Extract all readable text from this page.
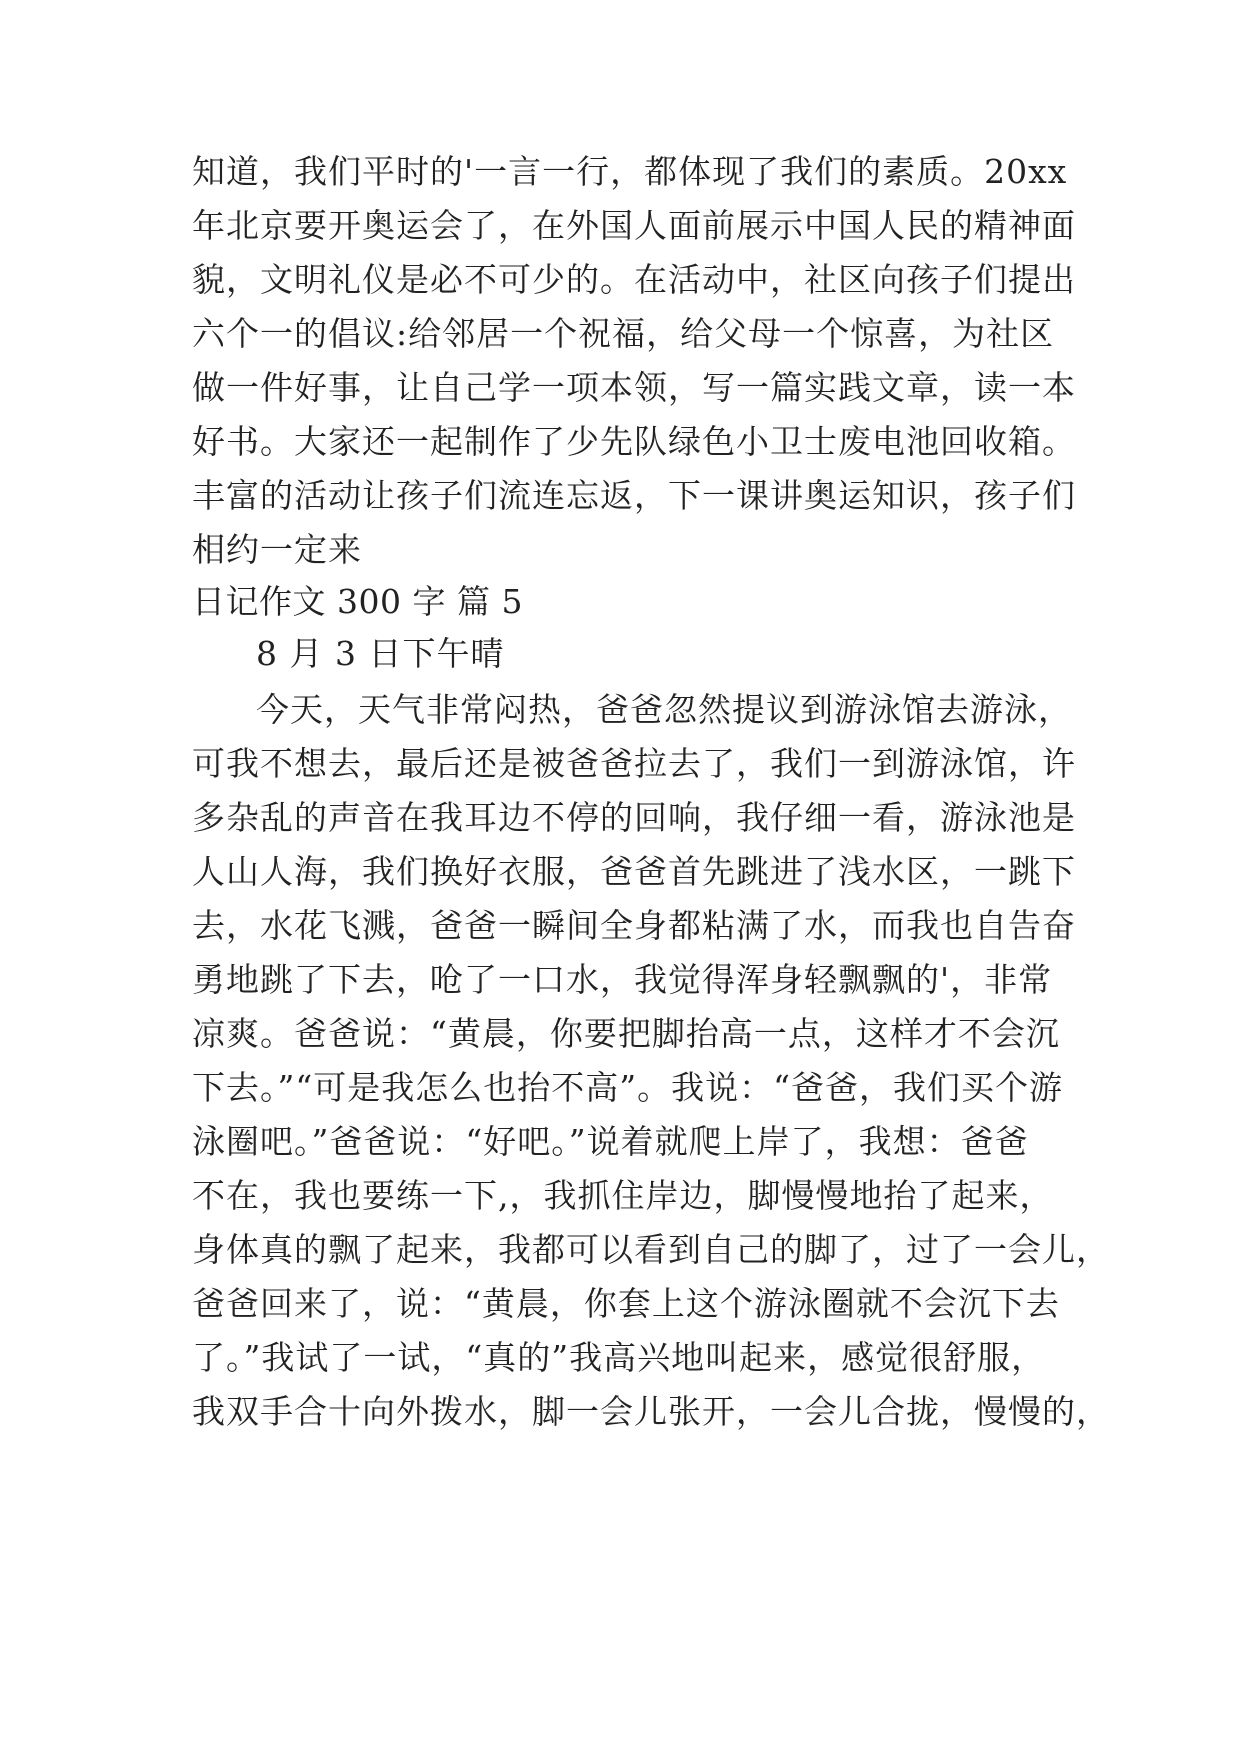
知道，我们平时的'一言一行，都体现了我们的素质。20xx
年北京要开奥运会了，在外国人面前展示中国人民的精神面
貌，文明礼仪是必不可少的。在活动中，社区向孩子们提出
六个一的倡议:给邻居一个祝福，给父母一个惊喜，为社区
做一件好事，让自己学一项本领，写一篇实践文章，读一本
好书。大家还一起制作了少先队绿色小卫士废电池回收箱。
丰富的活动让孩子们流连忘返，下一课讲奥运知识，孩子们
相约一定来
日记作文 300 字 篇 5
8 月 3 日下午晴
今天，天气非常闷热，爸爸忽然提议到游泳馆去游泳，
可我不想去，最后还是被爸爸拉去了，我们一到游泳馆，许
多杂乱的声音在我耳边不停的回响，我仔细一看，游泳池是
人山人海，我们换好衣服，爸爸首先跳进了浅水区，一跳下
去，水花飞溅，爸爸一瞬间全身都粘满了水，而我也自告奋
勇地跳了下去，呛了一口水，我觉得浑身轻飘飘的'，非常
凉爽。爸爸说：“黄晨，你要把脚抬高一点，这样才不会沉
下去。”“可是我怎么也抬不高”。我说：“爸爸，我们买个游
泳圈吧。”爸爸说：“好吧。”说着就爬上岸了，我想：爸爸
不在，我也要练一下,，我抓住岸边，脚慢慢地抬了起来，
身体真的飘了起来，我都可以看到自己的脚了，过了一会儿，
爸爸回来了，说：“黄晨，你套上这个游泳圈就不会沉下去
了。”我试了一试，“真的”我高兴地叫起来，感觉很舒服，
我双手合十向外拨水，脚一会儿张开，一会儿合拢，慢慢的，
